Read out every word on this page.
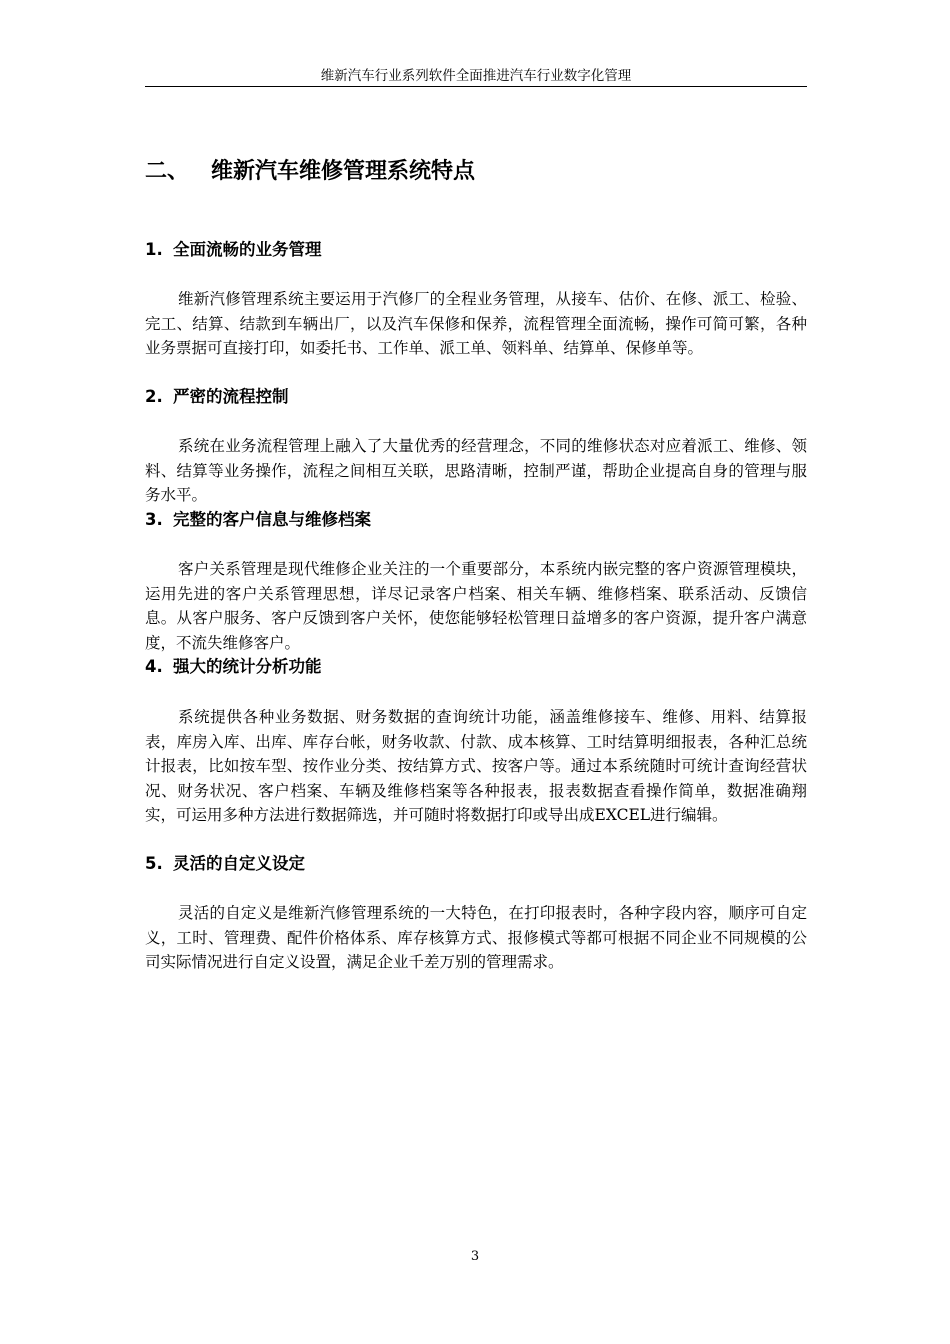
维新汽车行业系列软件全面推进汽车行业数字化管理
二、 维新汽车维修管理系统特点
1. 全面流畅的业务管理

维新汽修管理系统主要运用于汽修厂的全程业务管理，从接车、估价、在修、派工、检验、完工、结算、结款到车辆出厂，以及汽车保修和保养，流程管理全面流畅，操作可简可繁，各种业务票据可直接打印，如委托书、工作单、派工单、领料单、结算单、保修单等。

2. 严密的流程控制

系统在业务流程管理上融入了大量优秀的经营理念，不同的维修状态对应着派工、维修、领料、结算等业务操作，流程之间相互关联，思路清晰，控制严谨，帮助企业提高自身的管理与服务水平。

3. 完整的客户信息与维修档案

客户关系管理是现代维修企业关注的一个重要部分，本系统内嵌完整的客户资源管理模块，运用先进的客户关系管理思想，详尽记录客户档案、相关车辆、维修档案、联系活动、反馈信息。从客户服务、客户反馈到客户关怀，使您能够轻松管理日益增多的客户资源，提升客户满意度，不流失维修客户。

4. 强大的统计分析功能

系统提供各种业务数据、财务数据的查询统计功能，涵盖维修接车、维修、用料、结算报表，库房入库、出库、库存台帐，财务收款、付款、成本核算、工时结算明细报表，各种汇总统计报表，比如按车型、按作业分类、按结算方式、按客户等。通过本系统随时可统计查询经营状况、财务状况、客户档案、车辆及维修档案等各种报表，报表数据查看操作简单，数据准确翔实，可运用多种方法进行数据筛选，并可随时将数据打印或导出成EXCEL进行编辑。

5. 灵活的自定义设定

灵活的自定义是维新汽修管理系统的一大特色，在打印报表时，各种字段内容，顺序可自定义，工时、管理费、配件价格体系、库存核算方式、报修模式等都可根据不同企业不同规模的公司实际情况进行自定义设置，满足企业千差万别的管理需求。

3
